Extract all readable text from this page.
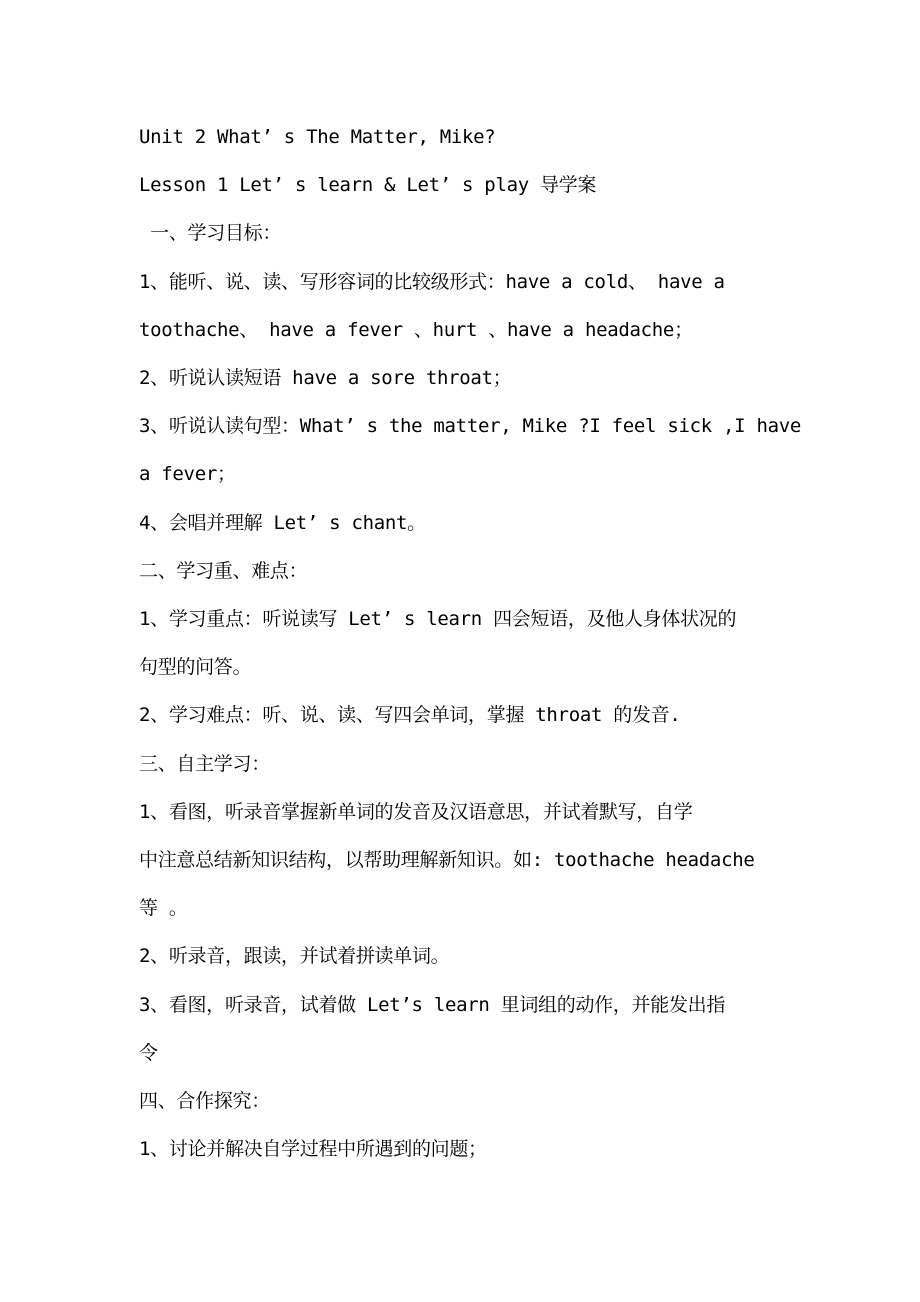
Unit 2 What’ s The Matter, Mike?
Lesson 1 Let’ s learn & Let’ s play 导学案
一、学习目标：
1、能听、说、读、写形容词的比较级形式：have a cold、 have a
toothache、 have a fever 、hurt 、have a headache；
2、听说认读短语 have a sore throat；
3、听说认读句型：What’ s the matter, Mike ?I feel sick ,I have
a fever；
4、会唱并理解 Let’ s chant。
二、学习重、难点：
1、学习重点：听说读写 Let’ s learn 四会短语，及他人身体状况的
句型的问答。
2、学习难点：听、说、读、写四会单词，掌握 throat 的发音.
三、自主学习：
1、看图，听录音掌握新单词的发音及汉语意思，并试着默写，自学
中注意总结新知识结构，以帮助理解新知识。如: toothache headache
等 。
2、听录音，跟读，并试着拼读单词。
3、看图，听录音，试着做 Let’s learn 里词组的动作，并能发出指
令
四、合作探究：
1、讨论并解决自学过程中所遇到的问题；
